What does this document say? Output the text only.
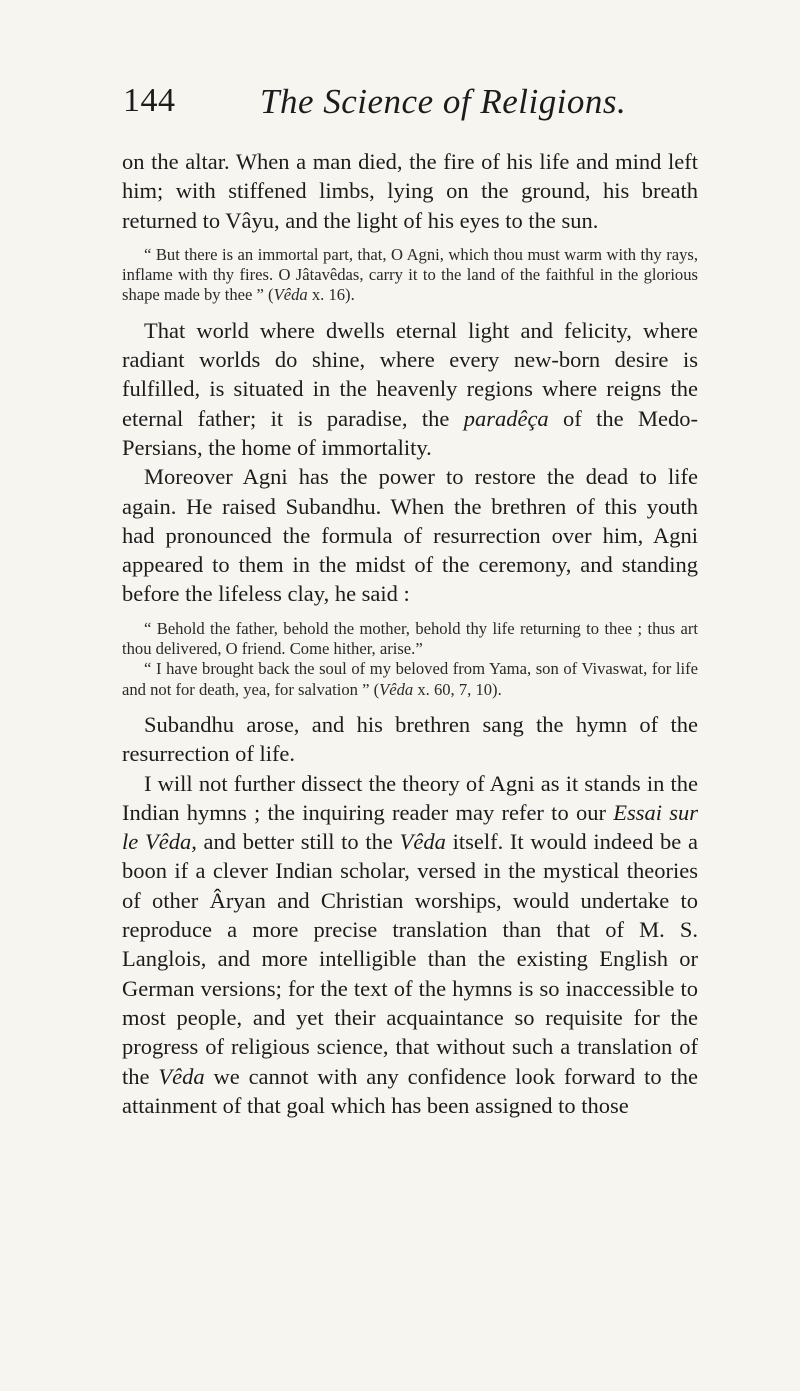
144 The Science of Religions.

on the altar. When a man died, the fire of his life and mind left him; with stiffened limbs, lying on the ground, his breath returned to Vâyu, and the light of his eyes to the sun.

“ But there is an immortal part, that, O Agni, which thou must warm with thy rays, inflame with thy fires. O Jâtavêdas, carry it to the land of the faithful in the glorious shape made by thee ” (Vêda x. 16).

That world where dwells eternal light and felicity, where radiant worlds do shine, where every new-born desire is fulfilled, is situated in the heavenly regions where reigns the eternal father; it is paradise, the paradêça of the Medo-Persians, the home of immortality.

Moreover Agni has the power to restore the dead to life again. He raised Subandhu. When the brethren of this youth had pronounced the formula of resurrection over him, Agni appeared to them in the midst of the ceremony, and standing before the lifeless clay, he said :

“ Behold the father, behold the mother, behold thy life returning to thee ; thus art thou delivered, O friend. Come hither, arise.”

“ I have brought back the soul of my beloved from Yama, son of Vivaswat, for life and not for death, yea, for salvation ” (Vêda x. 60, 7, 10).

Subandhu arose, and his brethren sang the hymn of the resurrection of life.

I will not further dissect the theory of Agni as it stands in the Indian hymns ; the inquiring reader may refer to our Essai sur le Vêda, and better still to the Vêda itself. It would indeed be a boon if a clever Indian scholar, versed in the mystical theories of other Âryan and Christian worships, would undertake to reproduce a more precise translation than that of M. S. Langlois, and more intelligible than the existing English or German versions; for the text of the hymns is so inaccessible to most people, and yet their acquaintance so requisite for the progress of religious science, that without such a translation of the Vêda we cannot with any confidence look forward to the attainment of that goal which has been assigned to those
